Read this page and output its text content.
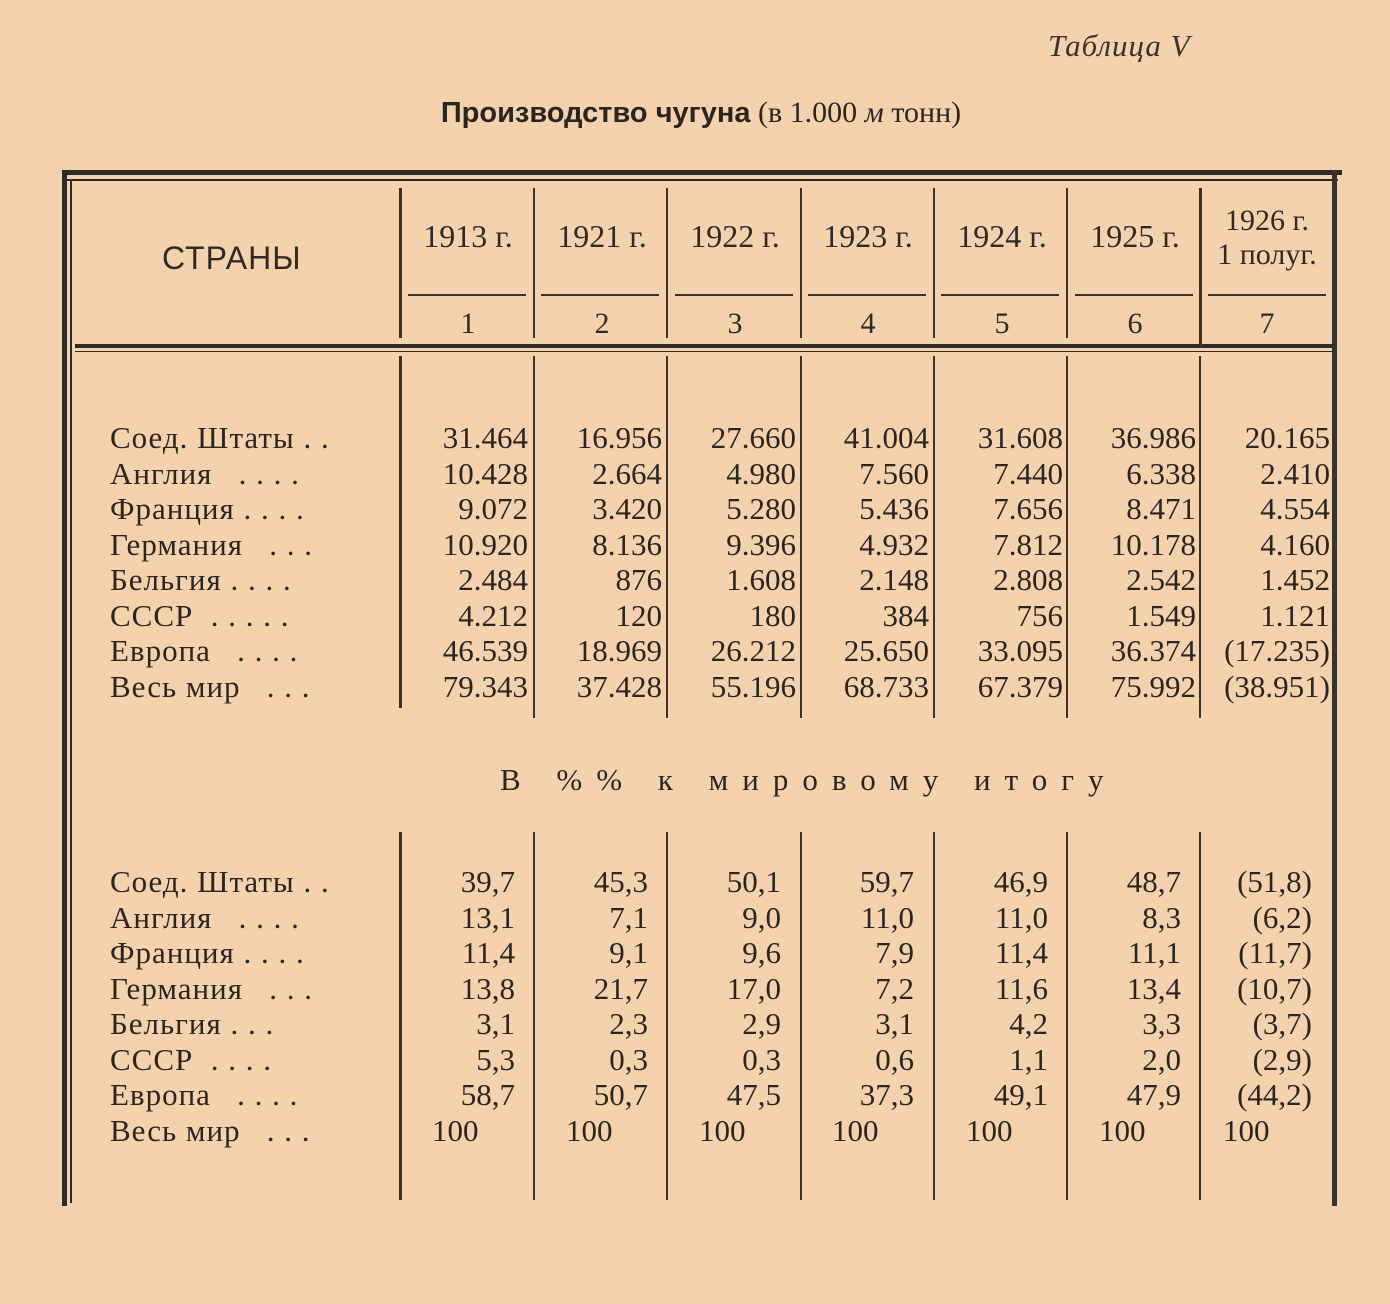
Таблица V
Производство чугуна (в 1.000 м тонн)
СТРАНЫ
1913 г.	1921 г.	1922 г.	1923 г.	1924 г.	1925 г.	1926 г.
1 полуг.
1	2	3	4	5	6	7
Соед. Штаты . .	31.464	16.956	27.660	41.004	31.608	36.986	20.165
Англия   . . . .	10.428	2.664	4.980	7.560	7.440	6.338	2.410
Франция . . . .	9.072	3.420	5.280	5.436	7.656	8.471	4.554
Германия   . . .	10.920	8.136	9.396	4.932	7.812	10.178	4.160
Бельгия . . . .	2.484	876	1.608	2.148	2.808	2.542	1.452
СССР  . . . . .	4.212	120	180	384	756	1.549	1.121
Европа   . . . .	46.539	18.969	26.212	25.650	33.095	36.374 (17.235)
Весь мир   . . .	79.343	37.428	55.196	68.733	67.379	75.992 (38.951)
В %% к мировому итогу
Соед. Штаты . .	39,7	45,3	50,1	59,7	46,9	48,7	(51,8)
Англия   . . . .	13,1	7,1	9,0	11,0	11,0	8,3	(6,2)
Франция . . . .	11,4	9,1	9,6	7,9	11,4	11,1	(11,7)
Германия   . . .	13,8	21,7	17,0	7,2	11,6	13,4	(10,7)
Бельгия . . .	3,1	2,3	2,9	3,1	4,2	3,3	(3,7)
СССР  . . . .	5,3	0,3	0,3	0,6	1,1	2,0	(2,9)
Европа   . . . .	58,7	50,7	47,5	37,3	49,1	47,9	(44,2)
Весь мир   . . .	100	100	100	100	100	100	100
